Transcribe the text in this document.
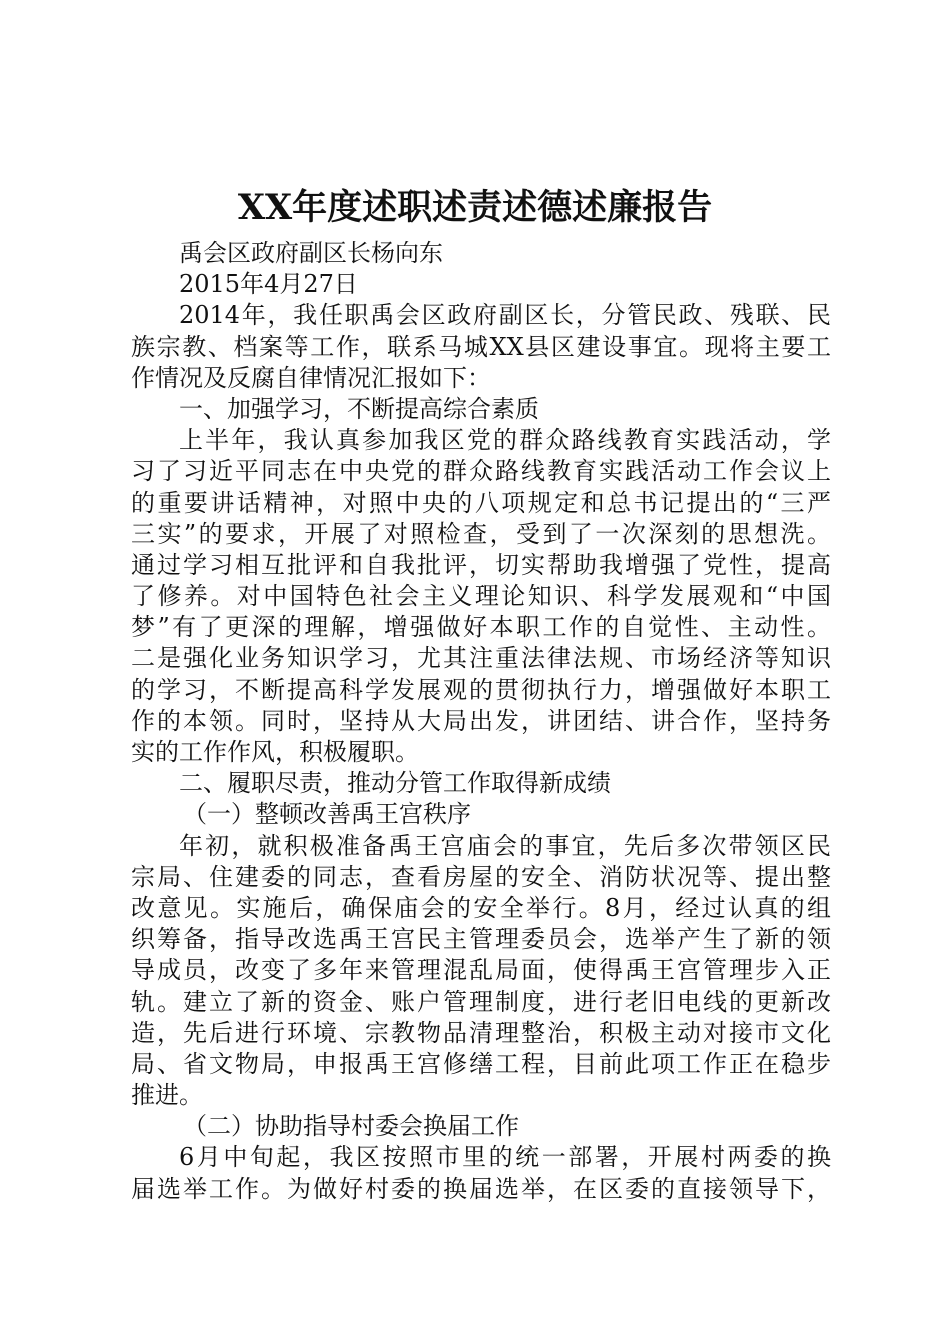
XX年度述职述责述德述廉报告
禹会区政府副区长杨向东
2015年4月27日
2014年，我任职禹会区政府副区长，分管民政、残联、民
族宗教、档案等工作，联系马城XX县区建设事宜。现将主要工
作情况及反腐自律情况汇报如下：
一、加强学习，不断提高综合素质
上半年，我认真参加我区党的群众路线教育实践活动，学
习了习近平同志在中央党的群众路线教育实践活动工作会议上
的重要讲话精神，对照中央的八项规定和总书记提出的“三严
三实”的要求，开展了对照检查，受到了一次深刻的思想洗。
通过学习相互批评和自我批评，切实帮助我增强了党性，提高
了修养。对中国特色社会主义理论知识、科学发展观和“中国
梦”有了更深的理解，增强做好本职工作的自觉性、主动性。
二是强化业务知识学习，尤其注重法律法规、市场经济等知识
的学习，不断提高科学发展观的贯彻执行力，增强做好本职工
作的本领。同时，坚持从大局出发，讲团结、讲合作，坚持务
实的工作作风，积极履职。
二、履职尽责，推动分管工作取得新成绩
（一）整顿改善禹王宫秩序
年初，就积极准备禹王宫庙会的事宜，先后多次带领区民
宗局、住建委的同志，查看房屋的安全、消防状况等、提出整
改意见。实施后，确保庙会的安全举行。8月，经过认真的组
织筹备，指导改选禹王宫民主管理委员会，选举产生了新的领
导成员，改变了多年来管理混乱局面，使得禹王宫管理步入正
轨。建立了新的资金、账户管理制度，进行老旧电线的更新改
造，先后进行环境、宗教物品清理整治，积极主动对接市文化
局、省文物局，申报禹王宫修缮工程，目前此项工作正在稳步
推进。
（二）协助指导村委会换届工作
6月中旬起，我区按照市里的统一部署，开展村两委的换
届选举工作。为做好村委的换届选举，在区委的直接领导下，
